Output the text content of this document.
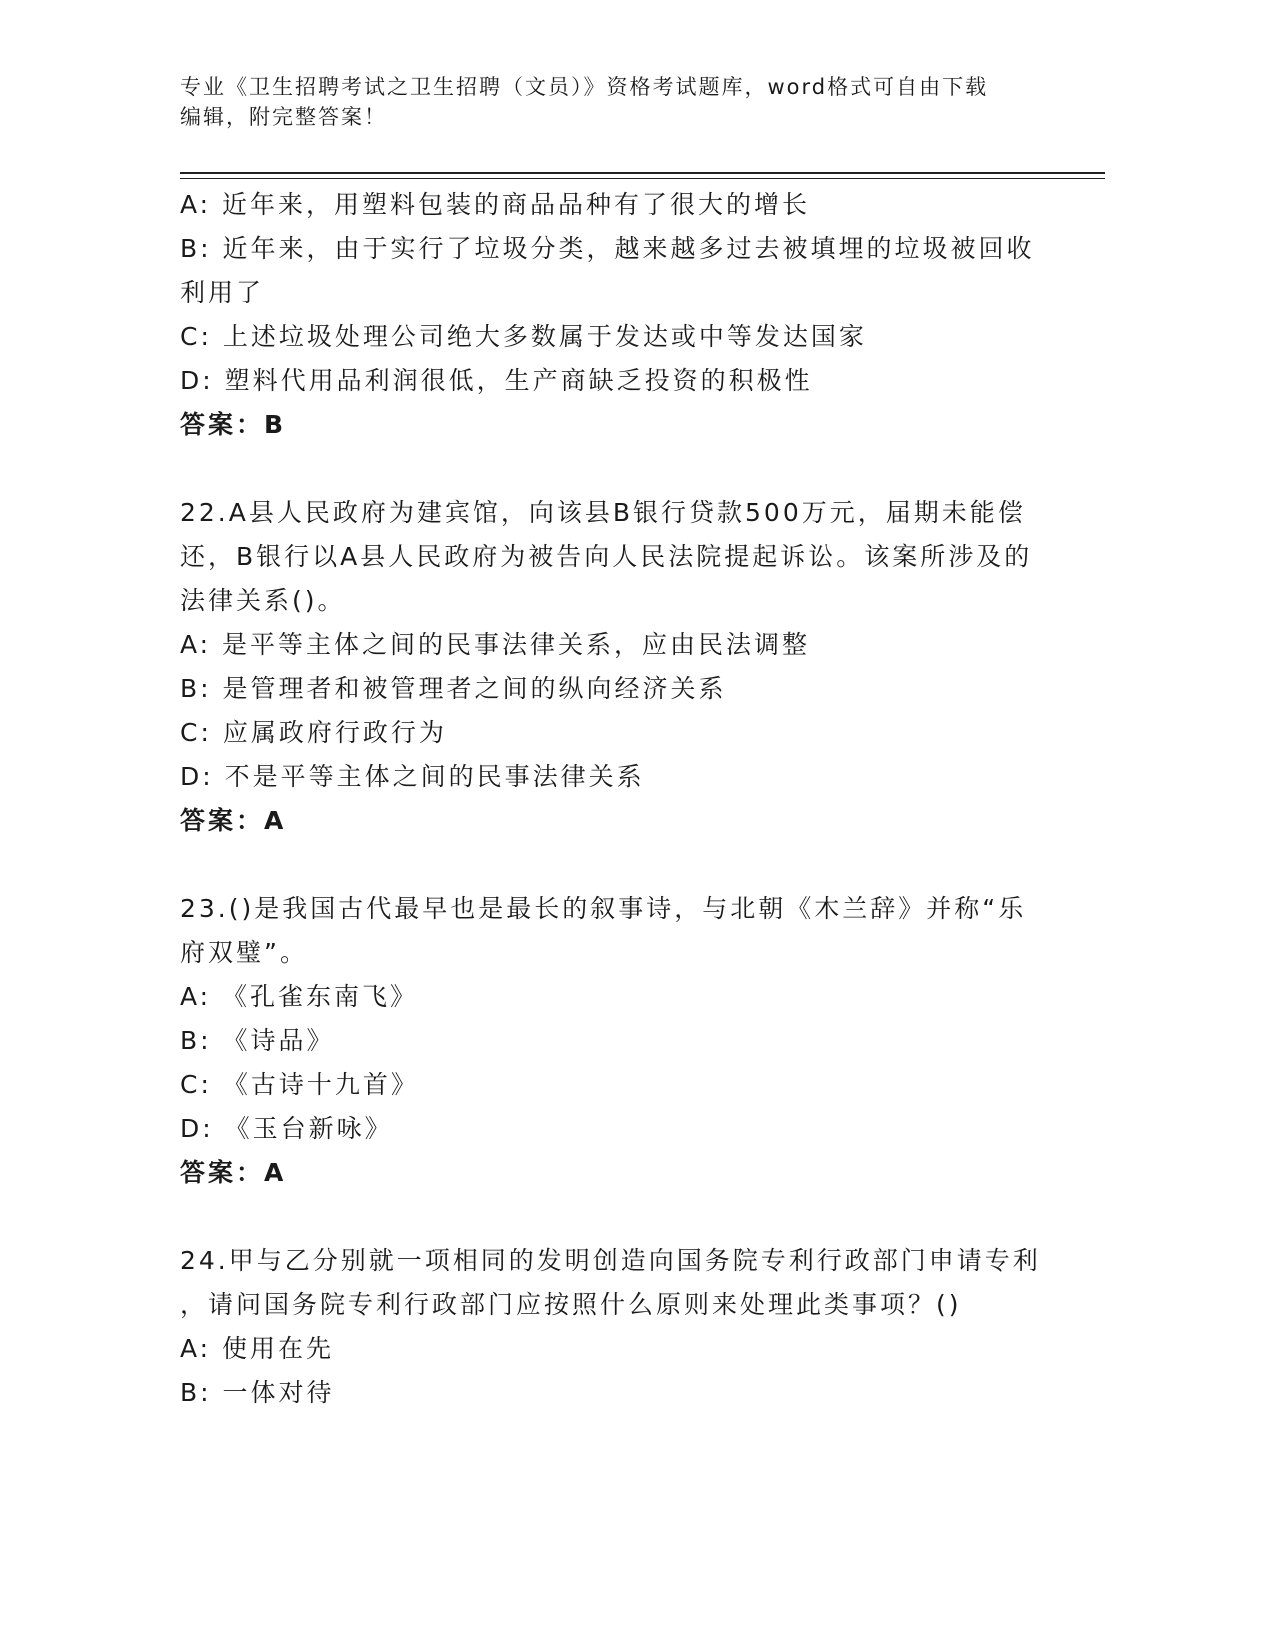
专业《卫生招聘考试之卫生招聘（文员）》资格考试题库，word格式可自由下载
编辑，附完整答案！
A: 近年来，用塑料包装的商品品种有了很大的增长
B: 近年来，由于实行了垃圾分类，越来越多过去被填埋的垃圾被回收
利用了
C: 上述垃圾处理公司绝大多数属于发达或中等发达国家
D: 塑料代用品利润很低，生产商缺乏投资的积极性
答案：B
22.A县人民政府为建宾馆，向该县B银行贷款500万元，届期未能偿
还，B银行以A县人民政府为被告向人民法院提起诉讼。该案所涉及的
法律关系()。
A: 是平等主体之间的民事法律关系，应由民法调整
B: 是管理者和被管理者之间的纵向经济关系
C: 应属政府行政行为
D: 不是平等主体之间的民事法律关系
答案：A
23.()是我国古代最早也是最长的叙事诗，与北朝《木兰辞》并称“乐
府双璧”。
A: 《孔雀东南飞》
B: 《诗品》
C: 《古诗十九首》
D: 《玉台新咏》
答案：A
24.甲与乙分别就一项相同的发明创造向国务院专利行政部门申请专利
，请问国务院专利行政部门应按照什么原则来处理此类事项？()
A: 使用在先
B: 一体对待
